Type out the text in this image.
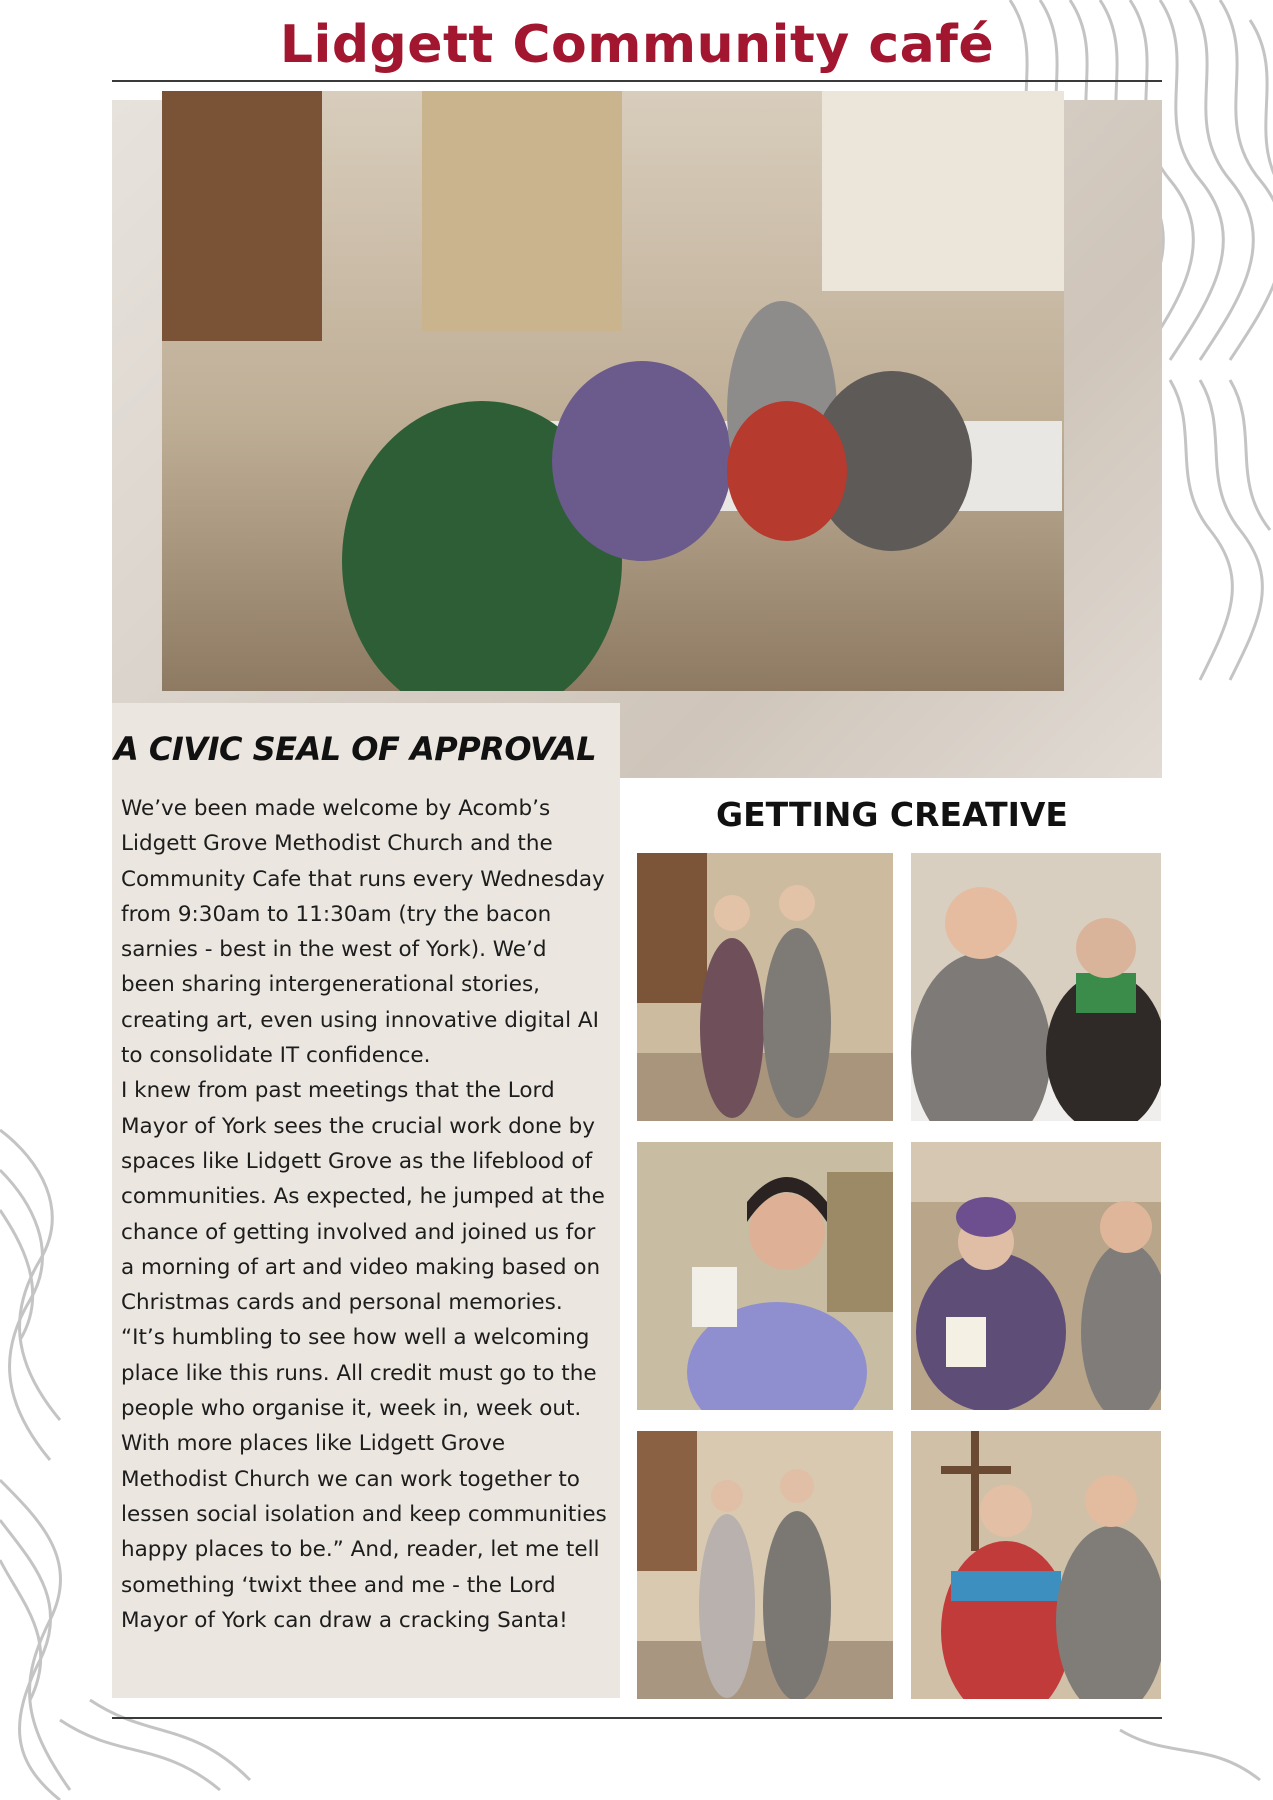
Lidgett Community café
A CIVIC SEAL OF APPROVAL
We’ve been made welcome by Acomb’s
Lidgett Grove Methodist Church and the
Community Cafe that runs every Wednesday
from 9:30am to 11:30am (try the bacon
sarnies - best in the west of York). We’d
been sharing intergenerational stories,
creating art, even using innovative digital AI
to consolidate IT confidence.
I knew from past meetings that the Lord
Mayor of York sees the crucial work done by
spaces like Lidgett Grove as the lifeblood of
communities. As expected, he jumped at the
chance of getting involved and joined us for
a morning of art and video making based on
Christmas cards and personal memories.
“It’s humbling to see how well a welcoming
place like this runs. All credit must go to the
people who organise it, week in, week out.
With more places like Lidgett Grove
Methodist Church we can work together to
lessen social isolation and keep communities
happy places to be.” And, reader, let me tell
something ‘twixt thee and me - the Lord
Mayor of York can draw a cracking Santa!
GETTING CREATIVE
